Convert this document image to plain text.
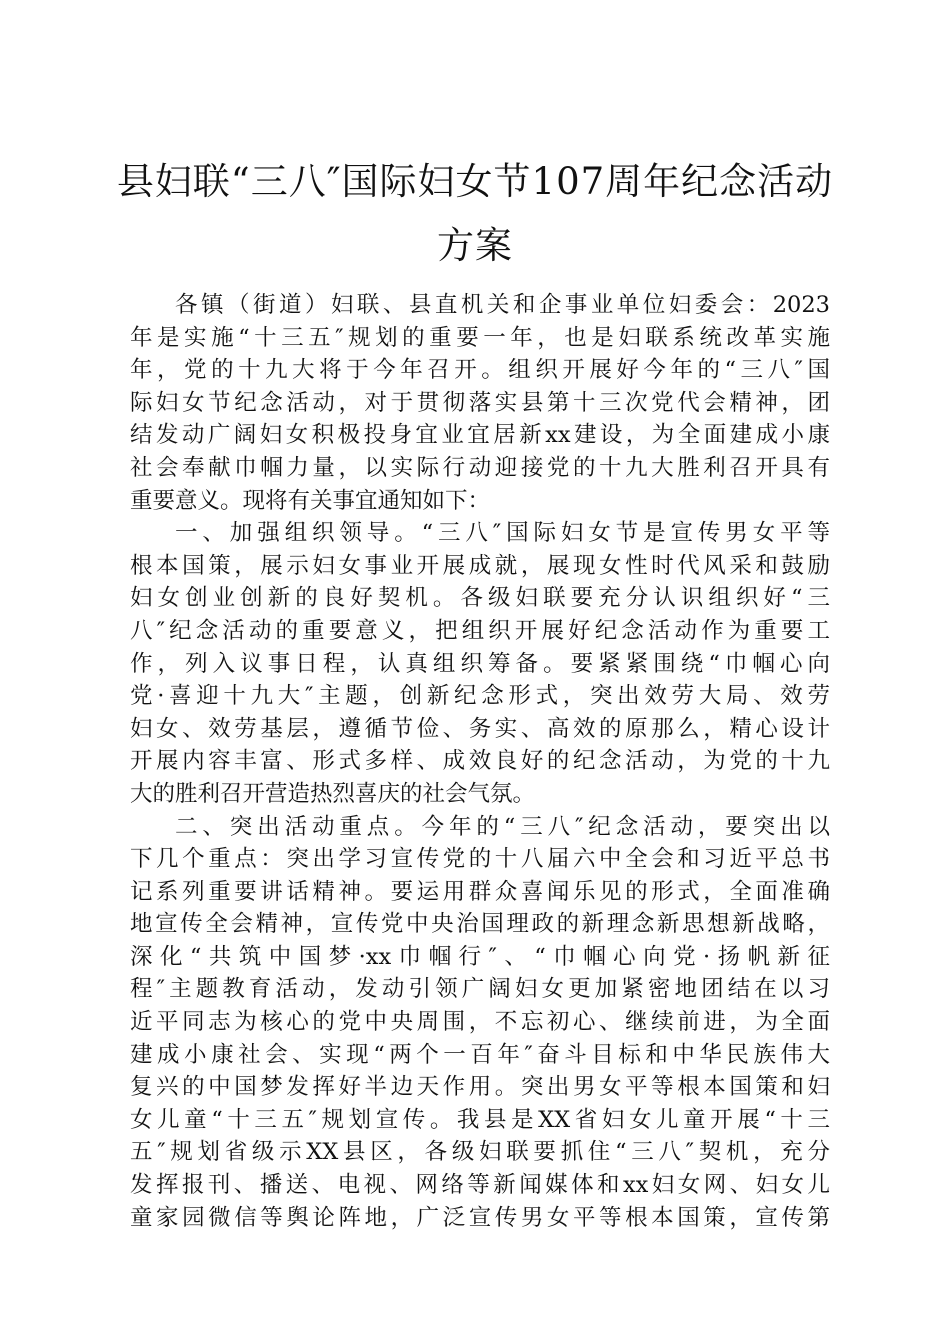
县妇联“三八″国际妇女节107周年纪念活动
方案

各镇（街道）妇联、县直机关和企事业单位妇委会：2023
年是实施“十三五″规划的重要一年，也是妇联系统改革实施
年，党的十九大将于今年召开。组织开展好今年的“三八″国
际妇女节纪念活动，对于贯彻落实县第十三次党代会精神，团
结发动广阔妇女积极投身宜业宜居新xx建设，为全面建成小康
社会奉献巾帼力量，以实际行动迎接党的十九大胜利召开具有
重要意义。现将有关事宜通知如下：

一、加强组织领导。“三八″国际妇女节是宣传男女平等
根本国策，展示妇女事业开展成就，展现女性时代风采和鼓励
妇女创业创新的良好契机。各级妇联要充分认识组织好“三
八″纪念活动的重要意义，把组织开展好纪念活动作为重要工
作，列入议事日程，认真组织筹备。要紧紧围绕“巾帼心向
党·喜迎十九大″主题，创新纪念形式，突出效劳大局、效劳
妇女、效劳基层，遵循节俭、务实、高效的原那么，精心设计
开展内容丰富、形式多样、成效良好的纪念活动，为党的十九
大的胜利召开营造热烈喜庆的社会气氛。

二、突出活动重点。今年的“三八″纪念活动，要突出以
下几个重点：突出学习宣传党的十八届六中全会和习近平总书
记系列重要讲话精神。要运用群众喜闻乐见的形式，全面准确
地宣传全会精神，宣传党中央治国理政的新理念新思想新战略，
深化“共筑中国梦·xx巾帼行″、“巾帼心向党·扬帆新征
程″主题教育活动，发动引领广阔妇女更加紧密地团结在以习
近平同志为核心的党中央周围，不忘初心、继续前进，为全面
建成小康社会、实现“两个一百年″奋斗目标和中华民族伟大
复兴的中国梦发挥好半边天作用。突出男女平等根本国策和妇
女儿童“十三五″规划宣传。我县是XX省妇女儿童开展“十三
五″规划省级示XX县区，各级妇联要抓住“三八″契机，充分
发挥报刊、播送、电视、网络等新闻媒体和xx妇女网、妇女儿
童家园微信等舆论阵地，广泛宣传男女平等根本国策，宣传第
